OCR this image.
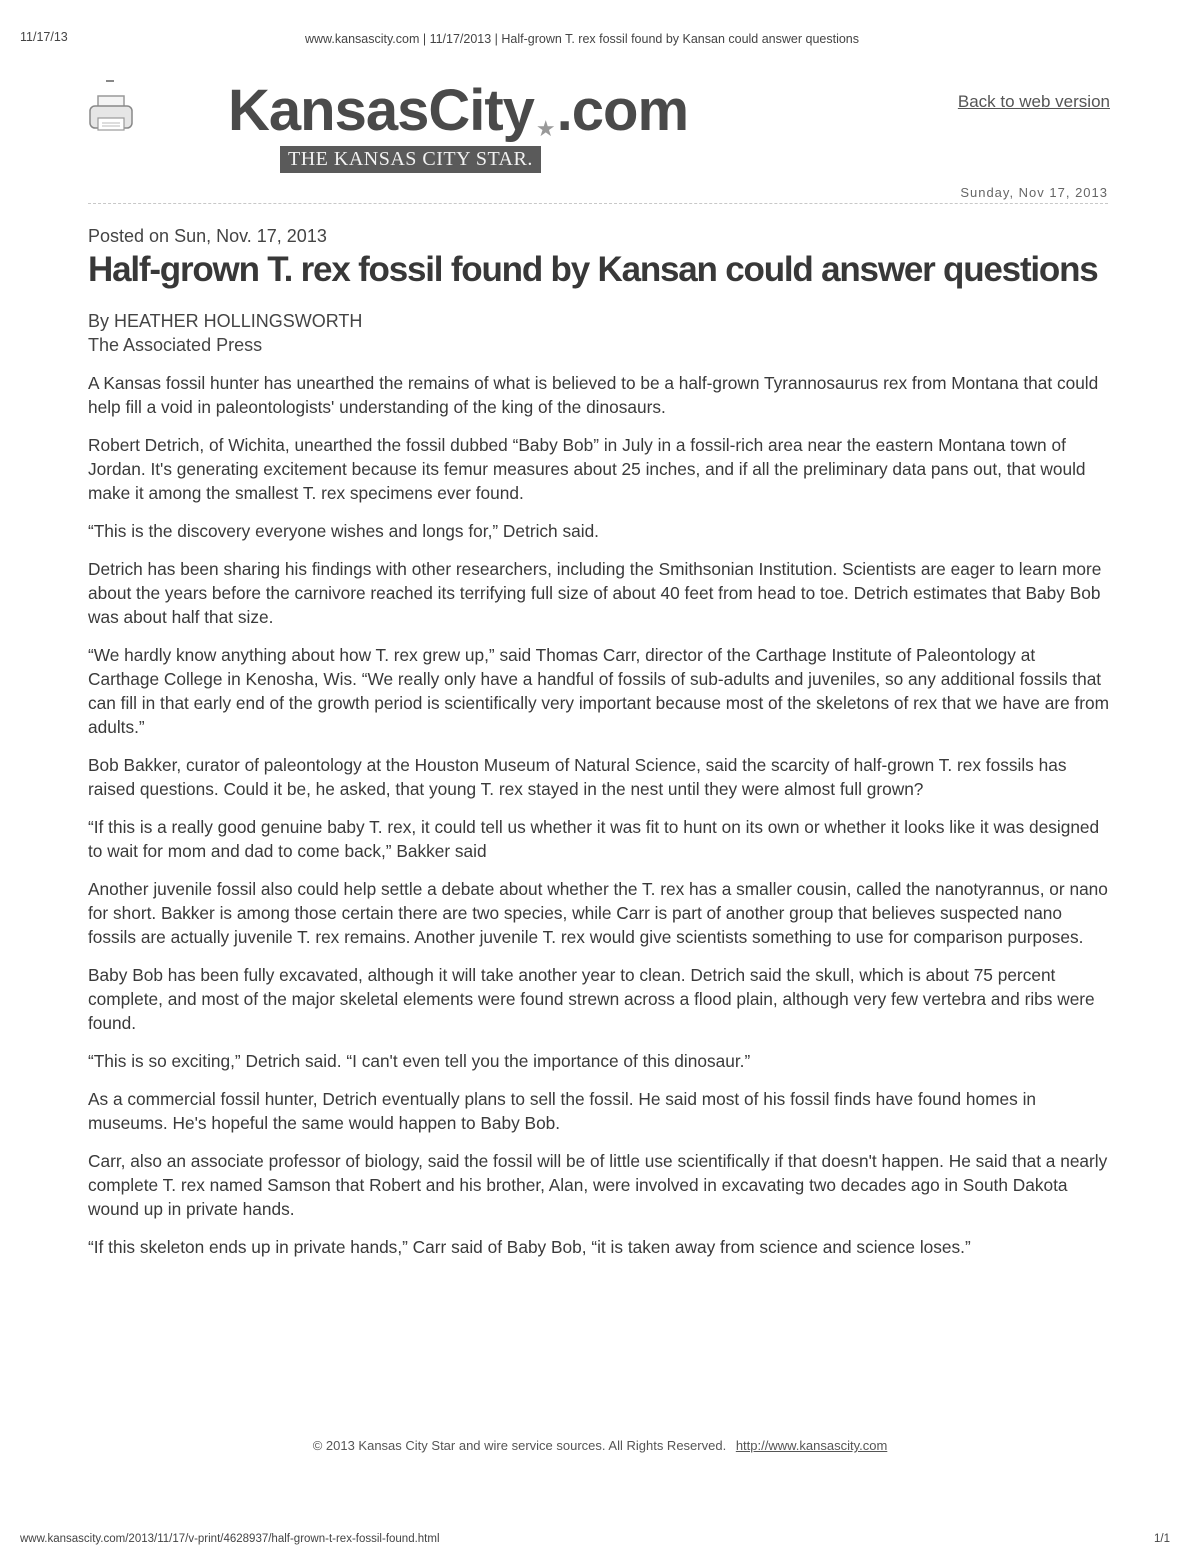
11/17/13	www.kansascity.com | 11/17/2013 | Half-grown T. rex fossil found by Kansan could answer questions
KansasCity★.com
THE KANSAS CITY STAR.
Back to web version
Sunday, Nov 17, 2013
Posted on Sun, Nov. 17, 2013
Half-grown T. rex fossil found by Kansan could answer questions
By HEATHER HOLLINGSWORTH
The Associated Press

A Kansas fossil hunter has unearthed the remains of what is believed to be a half-grown Tyrannosaurus rex from Montana that could help fill a void in paleontologists' understanding of the king of the dinosaurs.

Robert Detrich, of Wichita, unearthed the fossil dubbed “Baby Bob” in July in a fossil-rich area near the eastern Montana town of Jordan. It's generating excitement because its femur measures about 25 inches, and if all the preliminary data pans out, that would make it among the smallest T. rex specimens ever found.

“This is the discovery everyone wishes and longs for,” Detrich said.

Detrich has been sharing his findings with other researchers, including the Smithsonian Institution. Scientists are eager to learn more about the years before the carnivore reached its terrifying full size of about 40 feet from head to toe. Detrich estimates that Baby Bob was about half that size.

“We hardly know anything about how T. rex grew up,” said Thomas Carr, director of the Carthage Institute of Paleontology at Carthage College in Kenosha, Wis. “We really only have a handful of fossils of sub-adults and juveniles, so any additional fossils that can fill in that early end of the growth period is scientifically very important because most of the skeletons of rex that we have are from adults.”

Bob Bakker, curator of paleontology at the Houston Museum of Natural Science, said the scarcity of half-grown T. rex fossils has raised questions. Could it be, he asked, that young T. rex stayed in the nest until they were almost full grown?

“If this is a really good genuine baby T. rex, it could tell us whether it was fit to hunt on its own or whether it looks like it was designed to wait for mom and dad to come back,” Bakker said

Another juvenile fossil also could help settle a debate about whether the T. rex has a smaller cousin, called the nanotyrannus, or nano for short. Bakker is among those certain there are two species, while Carr is part of another group that believes suspected nano fossils are actually juvenile T. rex remains. Another juvenile T. rex would give scientists something to use for comparison purposes.

Baby Bob has been fully excavated, although it will take another year to clean. Detrich said the skull, which is about 75 percent complete, and most of the major skeletal elements were found strewn across a flood plain, although very few vertebra and ribs were found.

“This is so exciting,” Detrich said. “I can't even tell you the importance of this dinosaur.”

As a commercial fossil hunter, Detrich eventually plans to sell the fossil. He said most of his fossil finds have found homes in museums. He's hopeful the same would happen to Baby Bob.

Carr, also an associate professor of biology, said the fossil will be of little use scientifically if that doesn't happen. He said that a nearly complete T. rex named Samson that Robert and his brother, Alan, were involved in excavating two decades ago in South Dakota wound up in private hands.

“If this skeleton ends up in private hands,” Carr said of Baby Bob, “it is taken away from science and science loses.”

© 2013 Kansas City Star and wire service sources. All Rights Reserved. http://www.kansascity.com
www.kansascity.com/2013/11/17/v-print/4628937/half-grown-t-rex-fossil-found.html	1/1
